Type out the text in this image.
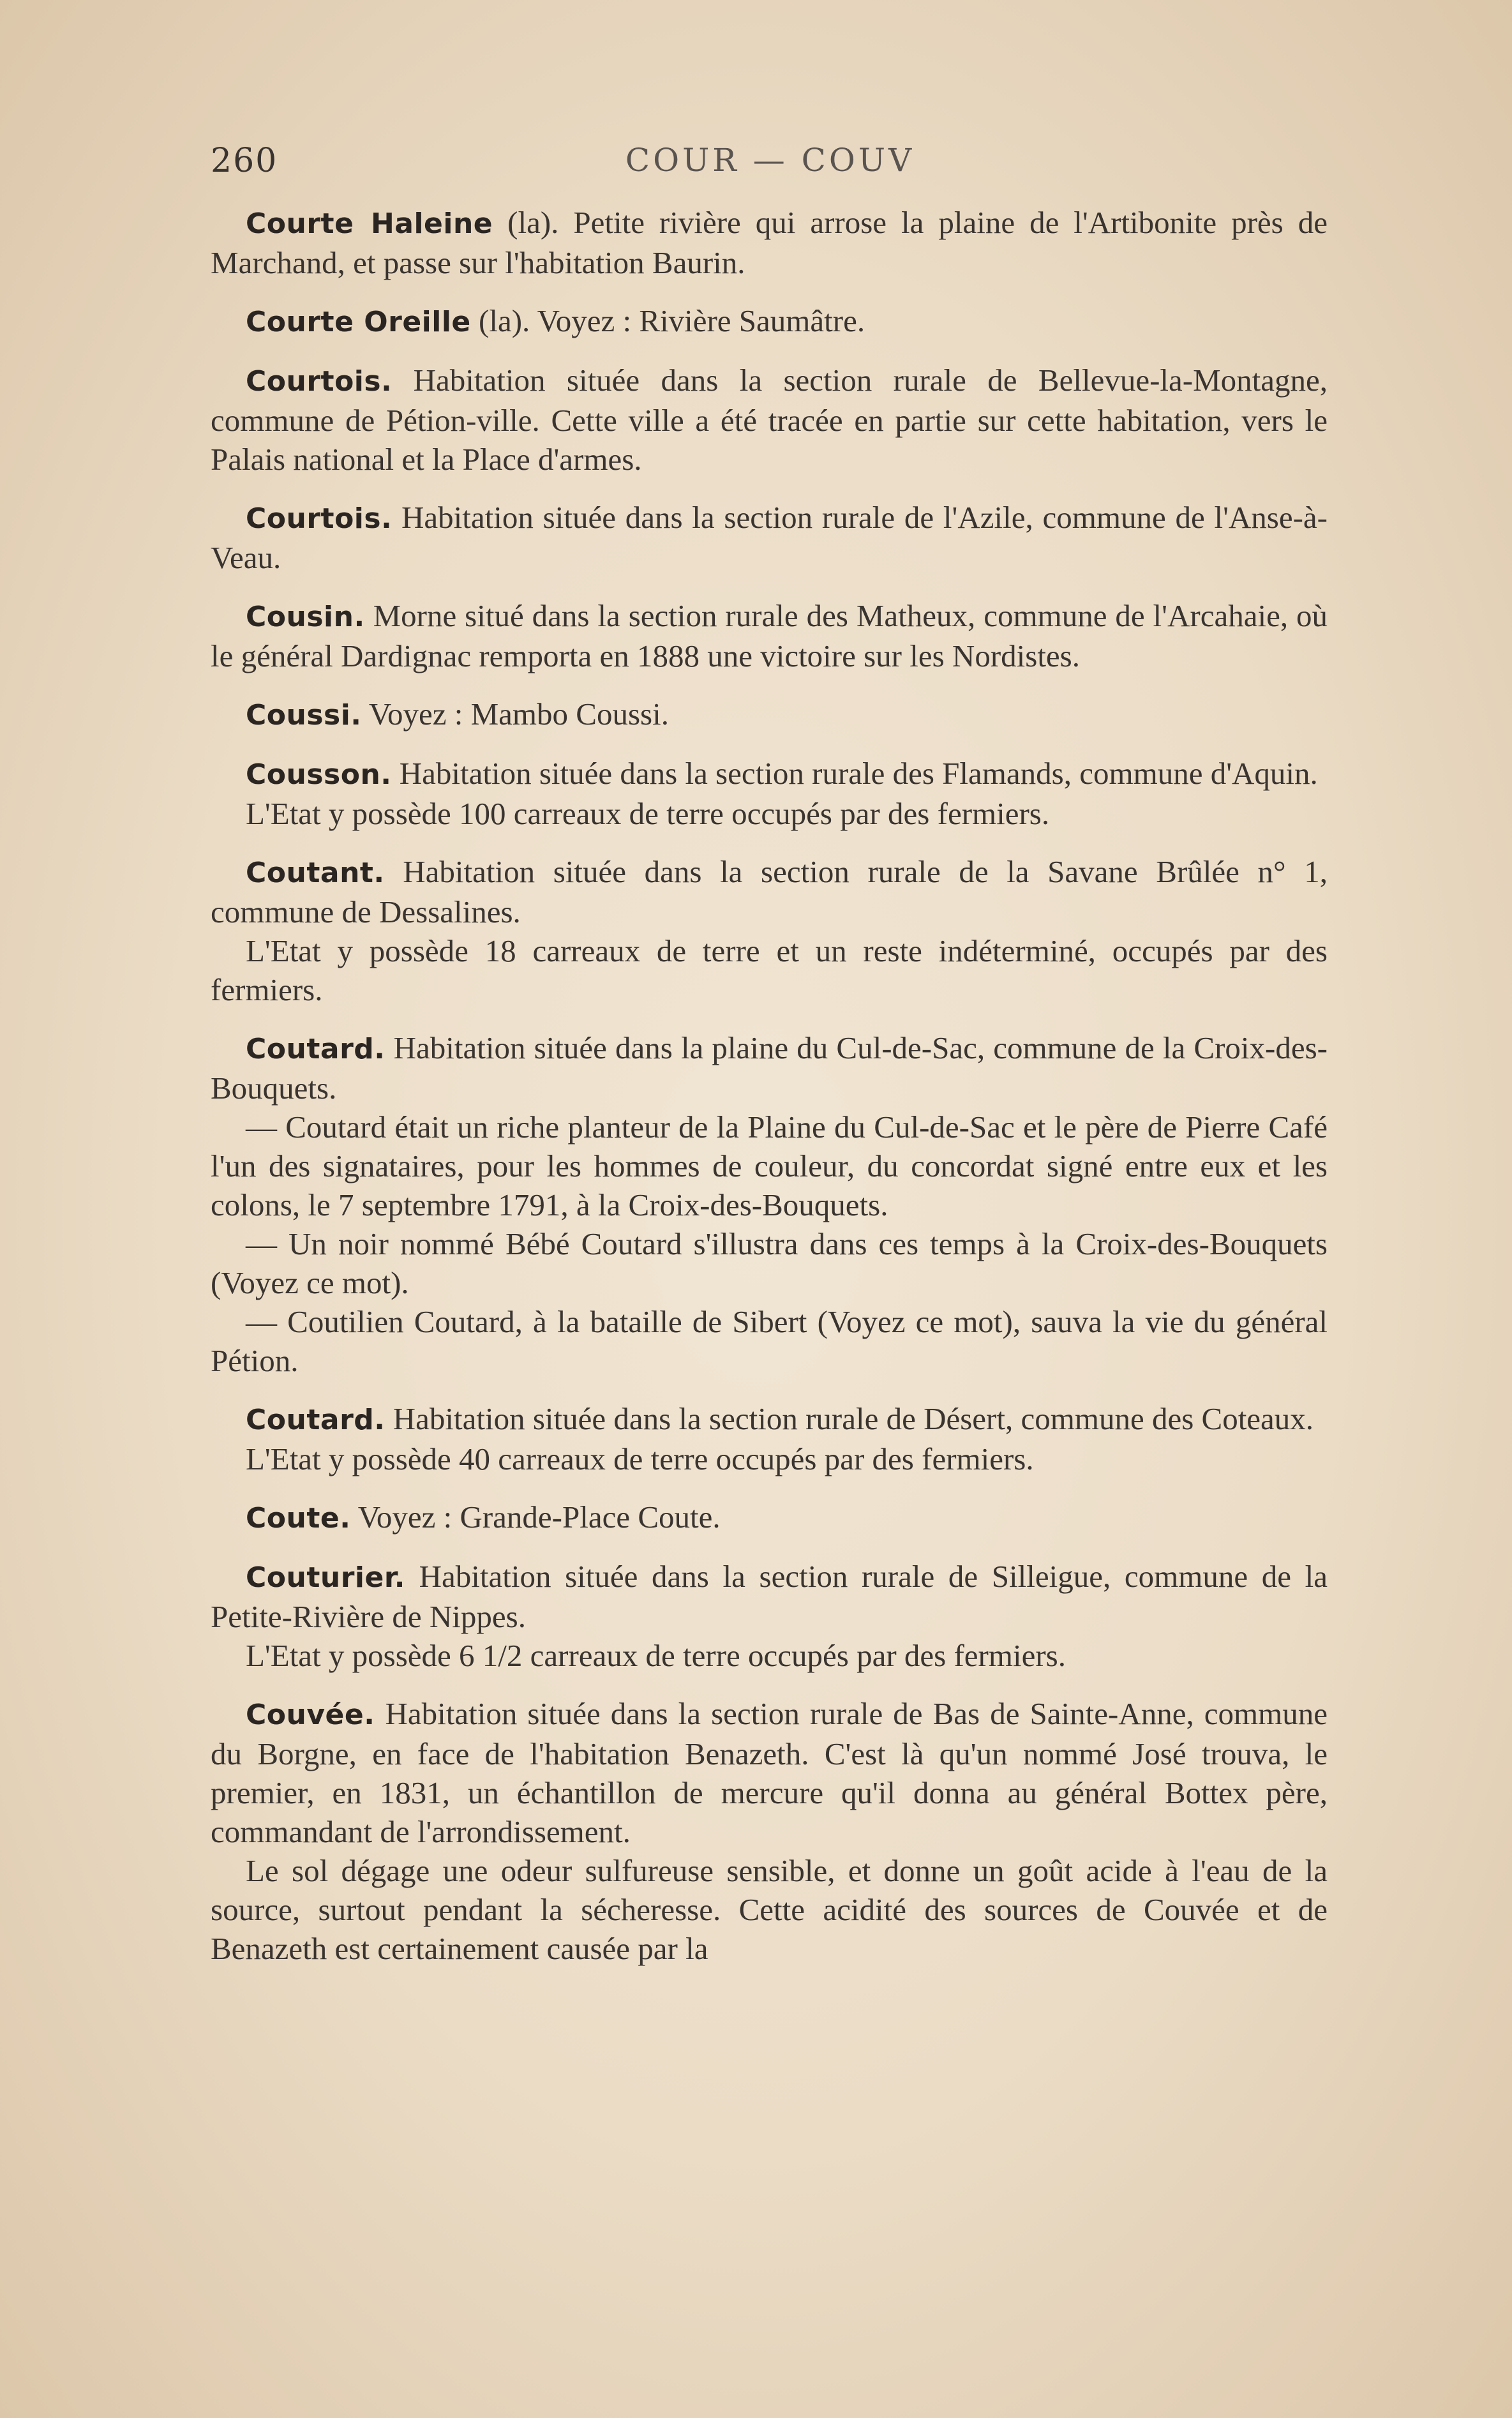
260	COUR — COUV

Courte Haleine (la). Petite rivière qui arrose la plaine de l'Artibonite près de Marchand, et passe sur l'habitation Baurin.

Courte Oreille (la). Voyez : Rivière Saumâtre.

Courtois. Habitation située dans la section rurale de Bellevue-la-Montagne, commune de Pétion-ville. Cette ville a été tracée en partie sur cette habitation, vers le Palais national et la Place d'armes.

Courtois. Habitation située dans la section rurale de l'Azile, commune de l'Anse-à-Veau.

Cousin. Morne situé dans la section rurale des Matheux, commune de l'Arcahaie, où le général Dardignac remporta en 1888 une victoire sur les Nordistes.

Coussi. Voyez : Mambo Coussi.

Cousson. Habitation située dans la section rurale des Flamands, commune d'Aquin.

L'Etat y possède 100 carreaux de terre occupés par des fermiers.

Coutant. Habitation située dans la section rurale de la Savane Brûlée n° 1, commune de Dessalines.

L'Etat y possède 18 carreaux de terre et un reste indéterminé, occupés par des fermiers.

Coutard. Habitation située dans la plaine du Cul-de-Sac, commune de la Croix-des-Bouquets.

— Coutard était un riche planteur de la Plaine du Cul-de-Sac et le père de Pierre Café l'un des signataires, pour les hommes de couleur, du concordat signé entre eux et les colons, le 7 septembre 1791, à la Croix-des-Bouquets.

— Un noir nommé Bébé Coutard s'illustra dans ces temps à la Croix-des-Bouquets (Voyez ce mot).

— Coutilien Coutard, à la bataille de Sibert (Voyez ce mot), sauva la vie du général Pétion.

Coutard. Habitation située dans la section rurale de Désert, commune des Coteaux.

L'Etat y possède 40 carreaux de terre occupés par des fermiers.

Coute. Voyez : Grande-Place Coute.

Couturier. Habitation située dans la section rurale de Silleigue, commune de la Petite-Rivière de Nippes.

L'Etat y possède 6 1/2 carreaux de terre occupés par des fermiers.

Couvée. Habitation située dans la section rurale de Bas de Sainte-Anne, commune du Borgne, en face de l'habitation Benazeth. C'est là qu'un nommé José trouva, le premier, en 1831, un échantillon de mercure qu'il donna au général Bottex père, commandant de l'arrondissement.

Le sol dégage une odeur sulfureuse sensible, et donne un goût acide à l'eau de la source, surtout pendant la sécheresse. Cette acidité des sources de Couvée et de Benazeth est certainement causée par la
